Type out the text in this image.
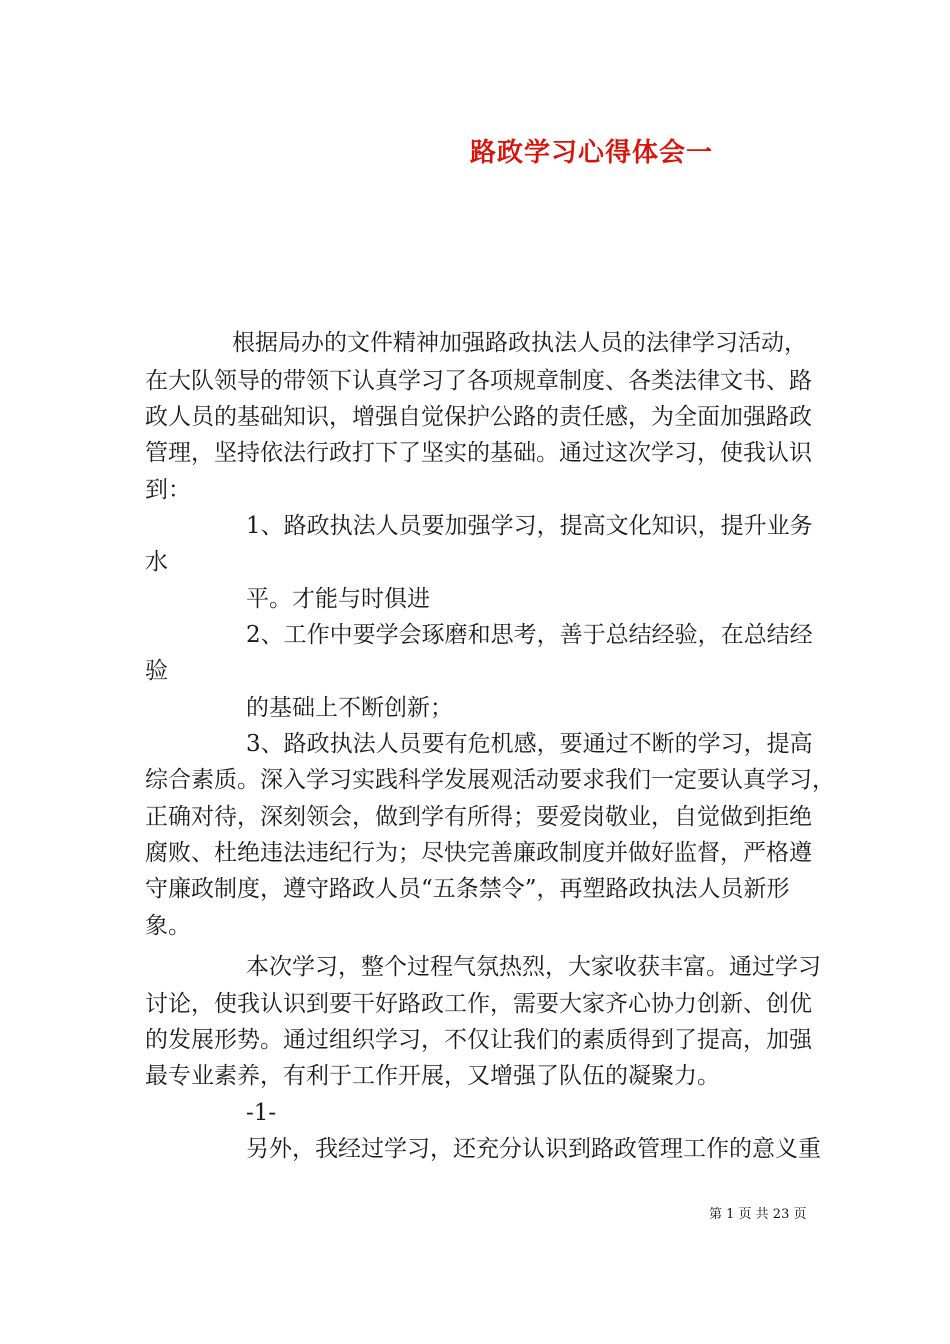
路政学习心得体会一
根据局办的文件精神加强路政执法人员的法律学习活动，
在大队领导的带领下认真学习了各项规章制度、各类法律文书、路
政人员的基础知识，增强自觉保护公路的责任感，为全面加强路政
管理，坚持依法行政打下了坚实的基础。通过这次学习，使我认识
到：
1、路政执法人员要加强学习，提高文化知识，提升业务
水
平。才能与时俱进
2、工作中要学会琢磨和思考，善于总结经验，在总结经
验
的基础上不断创新；
3、路政执法人员要有危机感，要通过不断的学习，提高
综合素质。深入学习实践科学发展观活动要求我们一定要认真学习，
正确对待，深刻领会，做到学有所得；要爱岗敬业，自觉做到拒绝
腐败、杜绝违法违纪行为；尽快完善廉政制度并做好监督，严格遵
守廉政制度，遵守路政人员“五条禁令”，再塑路政执法人员新形
象。
本次学习，整个过程气氛热烈，大家收获丰富。通过学习
讨论，使我认识到要干好路政工作，需要大家齐心协力创新、创优
的发展形势。通过组织学习，不仅让我们的素质得到了提高，加强
最专业素养，有利于工作开展，又增强了队伍的凝聚力。
-1-
另外，我经过学习，还充分认识到路政管理工作的意义重
第 1 页 共 23 页
